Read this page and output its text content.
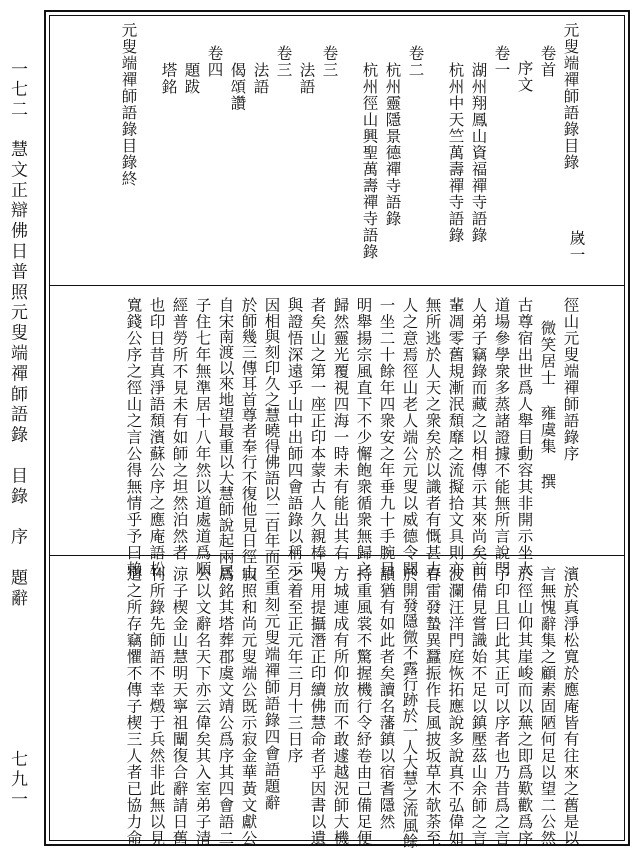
一七二
慧文正辯佛日普照元叟端禪師語錄　目錄　序　題辭
七九一
元叟端禪師語錄目錄
卷首
序文
卷一
湖州翔鳳山資福禪寺語錄
杭州中天竺萬壽禪寺語錄
卷二
杭州靈隱景德禪寺語錄
杭州徑山興聖萬壽禪寺語錄
卷三
法語
卷三
法語
偈頌讚
卷四
題跋
塔銘
元叟端禪師語錄目錄終
嵗一
徑山元叟端禪師語錄序
微笑居士 雍虞集 撰
古尊宿出世爲人舉目動容其非開示坐大
道場參學衆多蒸諸證據不能無所言說門
人弟子竊錄而藏之以相傳示其來尚矣前
輩凋零舊規漸泯頹靡之流擬拾文具則亦
無所逃於人天之衆矣於以識者有慨甚古
人之意焉徑山老人端公元叟以威德令聞
一坐二十餘年四衆安之年垂九十手腕目
明舉揚宗風直下不少懈飽衆循衆無歸之
歸然靈光覆視四海一時未有能出其右
者矣山之第一座正印本蒙古人久親棒喝
與證悟深遠乎山中出師四會語錄以稱示
因相與刻印久之慧曉得佛語以二百年而至
於師幾三傳耳首尊者奉行不復他見日徑山
自宋南渡以來地望最重以大慧師說起兩居
子住七年無準居十八年然以道處道爲順
經普勞所不見未有如師之坦然泊然者
也印日昔真淨語頹濱蘇公序之應庵語松
寬錢公序之徑山之言公得無情乎予曰賴
濱於真淨松寬於應庵皆有往來之舊是以
言無愧辭集之顧素固陋何足以望二公然
於徑山仰其崖峻而以蕪之即爲歎歡爲序
予印且曰此其正可以序者也乃昔爲之言
曰備見嘗識始不足以鎮壓茲山余師之言
波瀾汪洋門庭恢拓應說多說真不弘偉如
春雷發蟄異蠶振作長風披坂草木欹荼至
於開發隱微不露行跡於一人大慧之流風餘
韻猶有如此者矣讀名藩鎮以宿耆隱然
持重風裳不驚握機行令紓卷由己備足便
方城連成有所仰放而不敢遽越況師大機
大用提攝潛正印續佛慧命者乎因書以遺
之着至正元年三月十三日序
重刻元叟端禪師語錄四會語題辭
寂照和尚元叟端公既示寂金華黃文獻公
爲銘其塔葬郡虞文靖公爲序其四會語二
公以文辭名天下亦云偉矣其入室弟子清
涼子楔金山慧明天寧祖闡復合辭請日舊
刊所錄先師語不幸燬于兵然非此無以見
道之所存竊懼不傳子楔三人者已協力命
